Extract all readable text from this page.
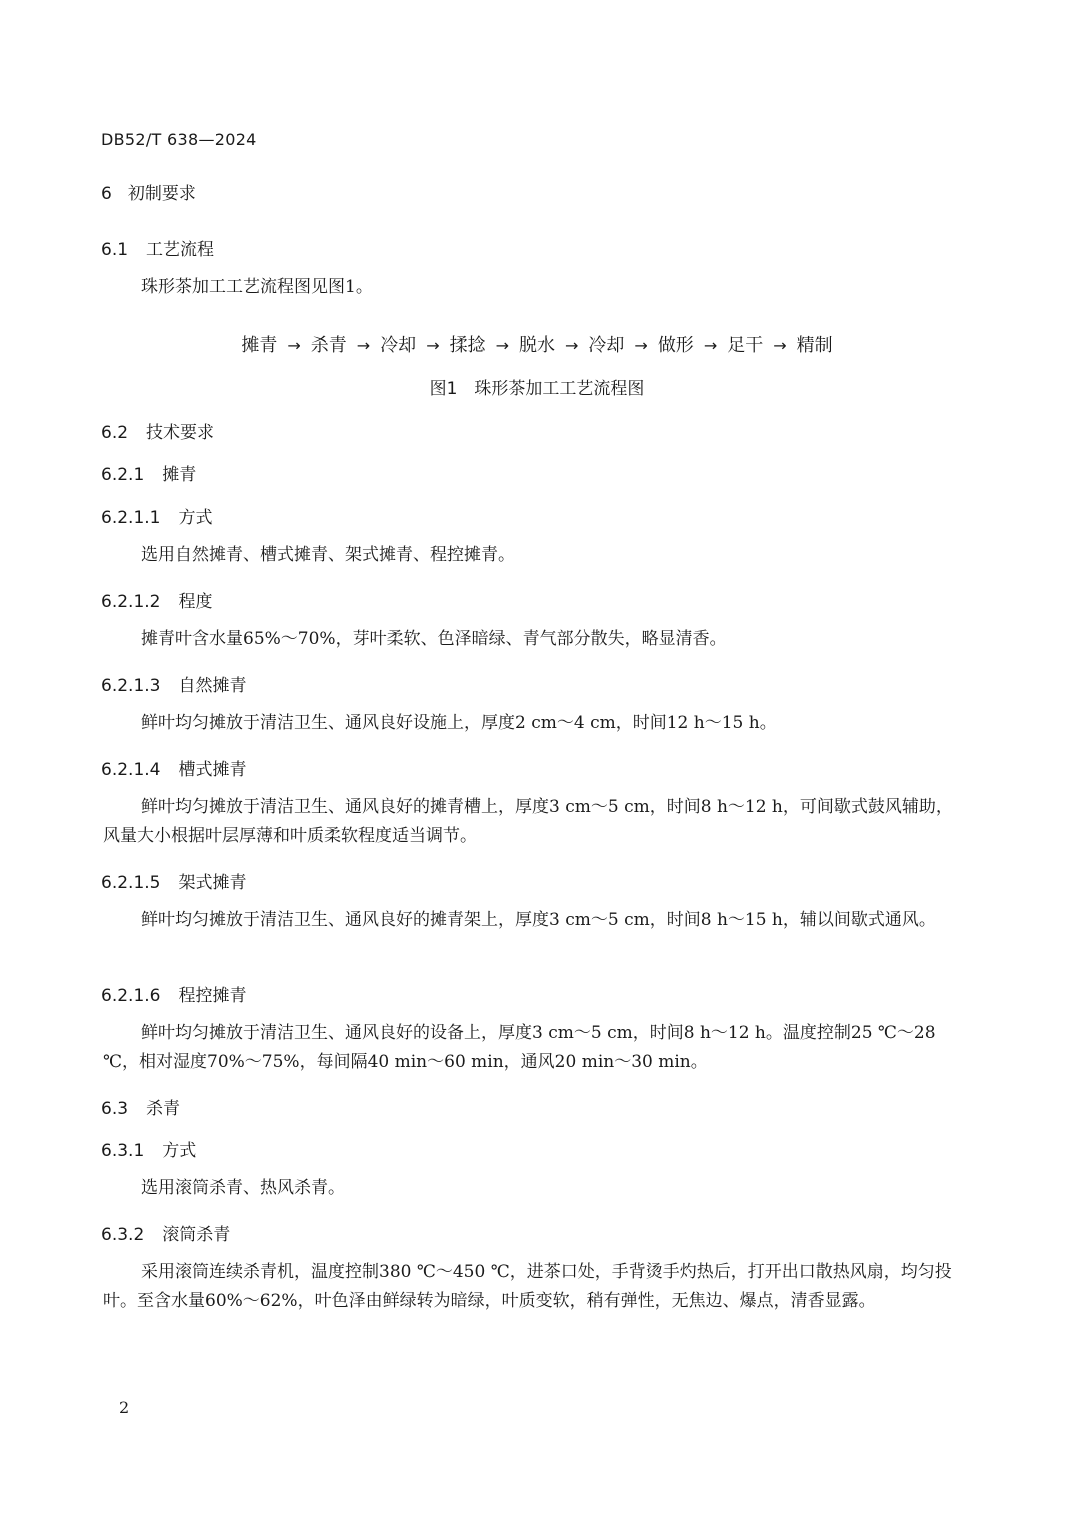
DB52/T 638—2024
6 初制要求
6.1 工艺流程
珠形茶加工工艺流程图见图1。
摊青 → 杀青 → 冷却 → 揉捻 → 脱水 → 冷却 → 做形 → 足干 → 精制
图1　珠形茶加工工艺流程图
6.2 技术要求
6.2.1 摊青
6.2.1.1 方式
选用自然摊青、槽式摊青、架式摊青、程控摊青。
6.2.1.2 程度
摊青叶含水量65%～70%，芽叶柔软、色泽暗绿、青气部分散失，略显清香。
6.2.1.3 自然摊青
鲜叶均匀摊放于清洁卫生、通风良好设施上，厚度2 cm～4 cm，时间12 h～15 h。
6.2.1.4 槽式摊青
鲜叶均匀摊放于清洁卫生、通风良好的摊青槽上，厚度3 cm～5 cm，时间8 h～12 h，可间歇式鼓风辅助，风量大小根据叶层厚薄和叶质柔软程度适当调节。
6.2.1.5 架式摊青
鲜叶均匀摊放于清洁卫生、通风良好的摊青架上，厚度3 cm～5 cm，时间8 h～15 h，辅以间歇式通风。
6.2.1.6 程控摊青
鲜叶均匀摊放于清洁卫生、通风良好的设备上，厚度3 cm～5 cm，时间8 h～12 h。温度控制25 ℃～28 ℃，相对湿度70%～75%，每间隔40 min～60 min，通风20 min～30 min。
6.3 杀青
6.3.1 方式
选用滚筒杀青、热风杀青。
6.3.2 滚筒杀青
采用滚筒连续杀青机，温度控制380 ℃～450 ℃，进茶口处，手背烫手灼热后，打开出口散热风扇，均匀投叶。至含水量60%～62%，叶色泽由鲜绿转为暗绿，叶质变软，稍有弹性，无焦边、爆点，清香显露。
2
